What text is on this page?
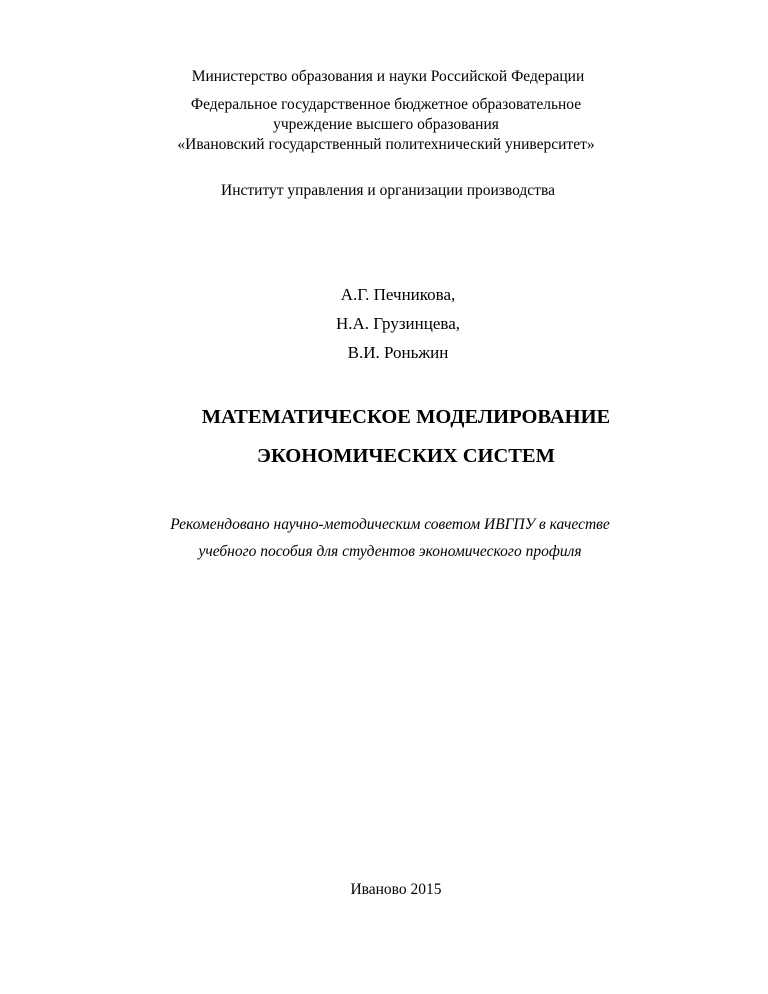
Министерство образования и науки Российской Федерации
Федеральное государственное бюджетное образовательное
учреждение высшего образования
«Ивановский государственный политехнический университет»
Институт управления и организации производства
А.Г. Печникова,
Н.А. Грузинцева,
В.И. Роньжин
МАТЕМАТИЧЕСКОЕ МОДЕЛИРОВАНИЕ
ЭКОНОМИЧЕСКИХ СИСТЕМ
Рекомендовано научно-методическим советом ИВГПУ в качестве
учебного пособия для студентов экономического профиля
Иваново 2015
